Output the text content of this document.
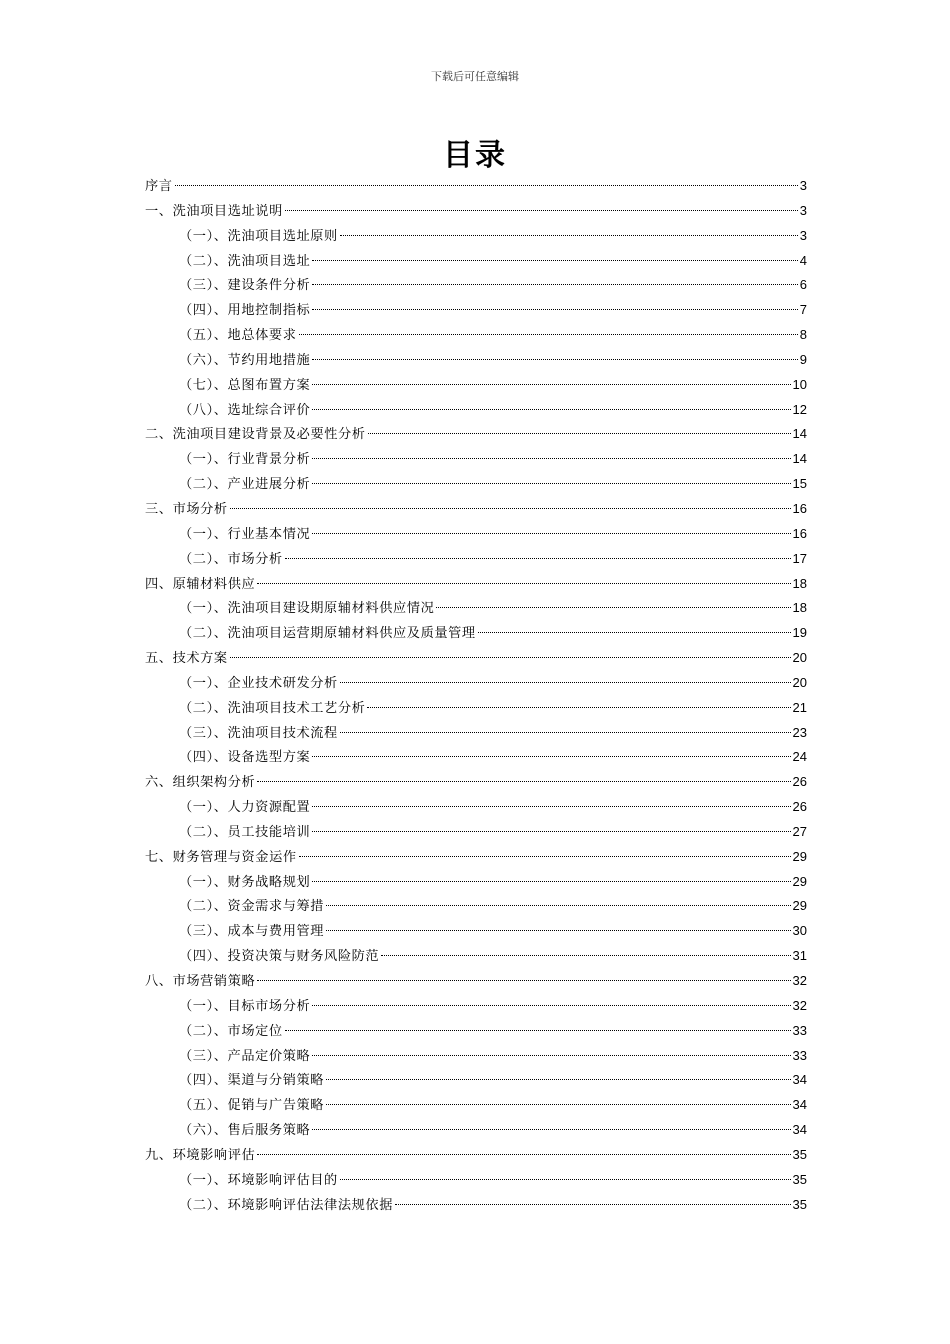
下载后可任意编辑
目录
序言	3
一、洗油项目选址说明	3
（一）、洗油项目选址原则	3
（二）、洗油项目选址	4
（三）、建设条件分析	6
（四）、用地控制指标	7
（五）、地总体要求	8
（六）、节约用地措施	9
（七）、总图布置方案	10
（八）、选址综合评价	12
二、洗油项目建设背景及必要性分析	14
（一）、行业背景分析	14
（二）、产业进展分析	15
三、市场分析	16
（一）、行业基本情况	16
（二）、市场分析	17
四、原辅材料供应	18
（一）、洗油项目建设期原辅材料供应情况	18
（二）、洗油项目运营期原辅材料供应及质量管理	19
五、技术方案	20
（一）、企业技术研发分析	20
（二）、洗油项目技术工艺分析	21
（三）、洗油项目技术流程	23
（四）、设备选型方案	24
六、组织架构分析	26
（一）、人力资源配置	26
（二）、员工技能培训	27
七、财务管理与资金运作	29
（一）、财务战略规划	29
（二）、资金需求与筹措	29
（三）、成本与费用管理	30
（四）、投资决策与财务风险防范	31
八、市场营销策略	32
（一）、目标市场分析	32
（二）、市场定位	33
（三）、产品定价策略	33
（四）、渠道与分销策略	34
（五）、促销与广告策略	34
（六）、售后服务策略	34
九、环境影响评估	35
（一）、环境影响评估目的	35
（二）、环境影响评估法律法规依据	35
